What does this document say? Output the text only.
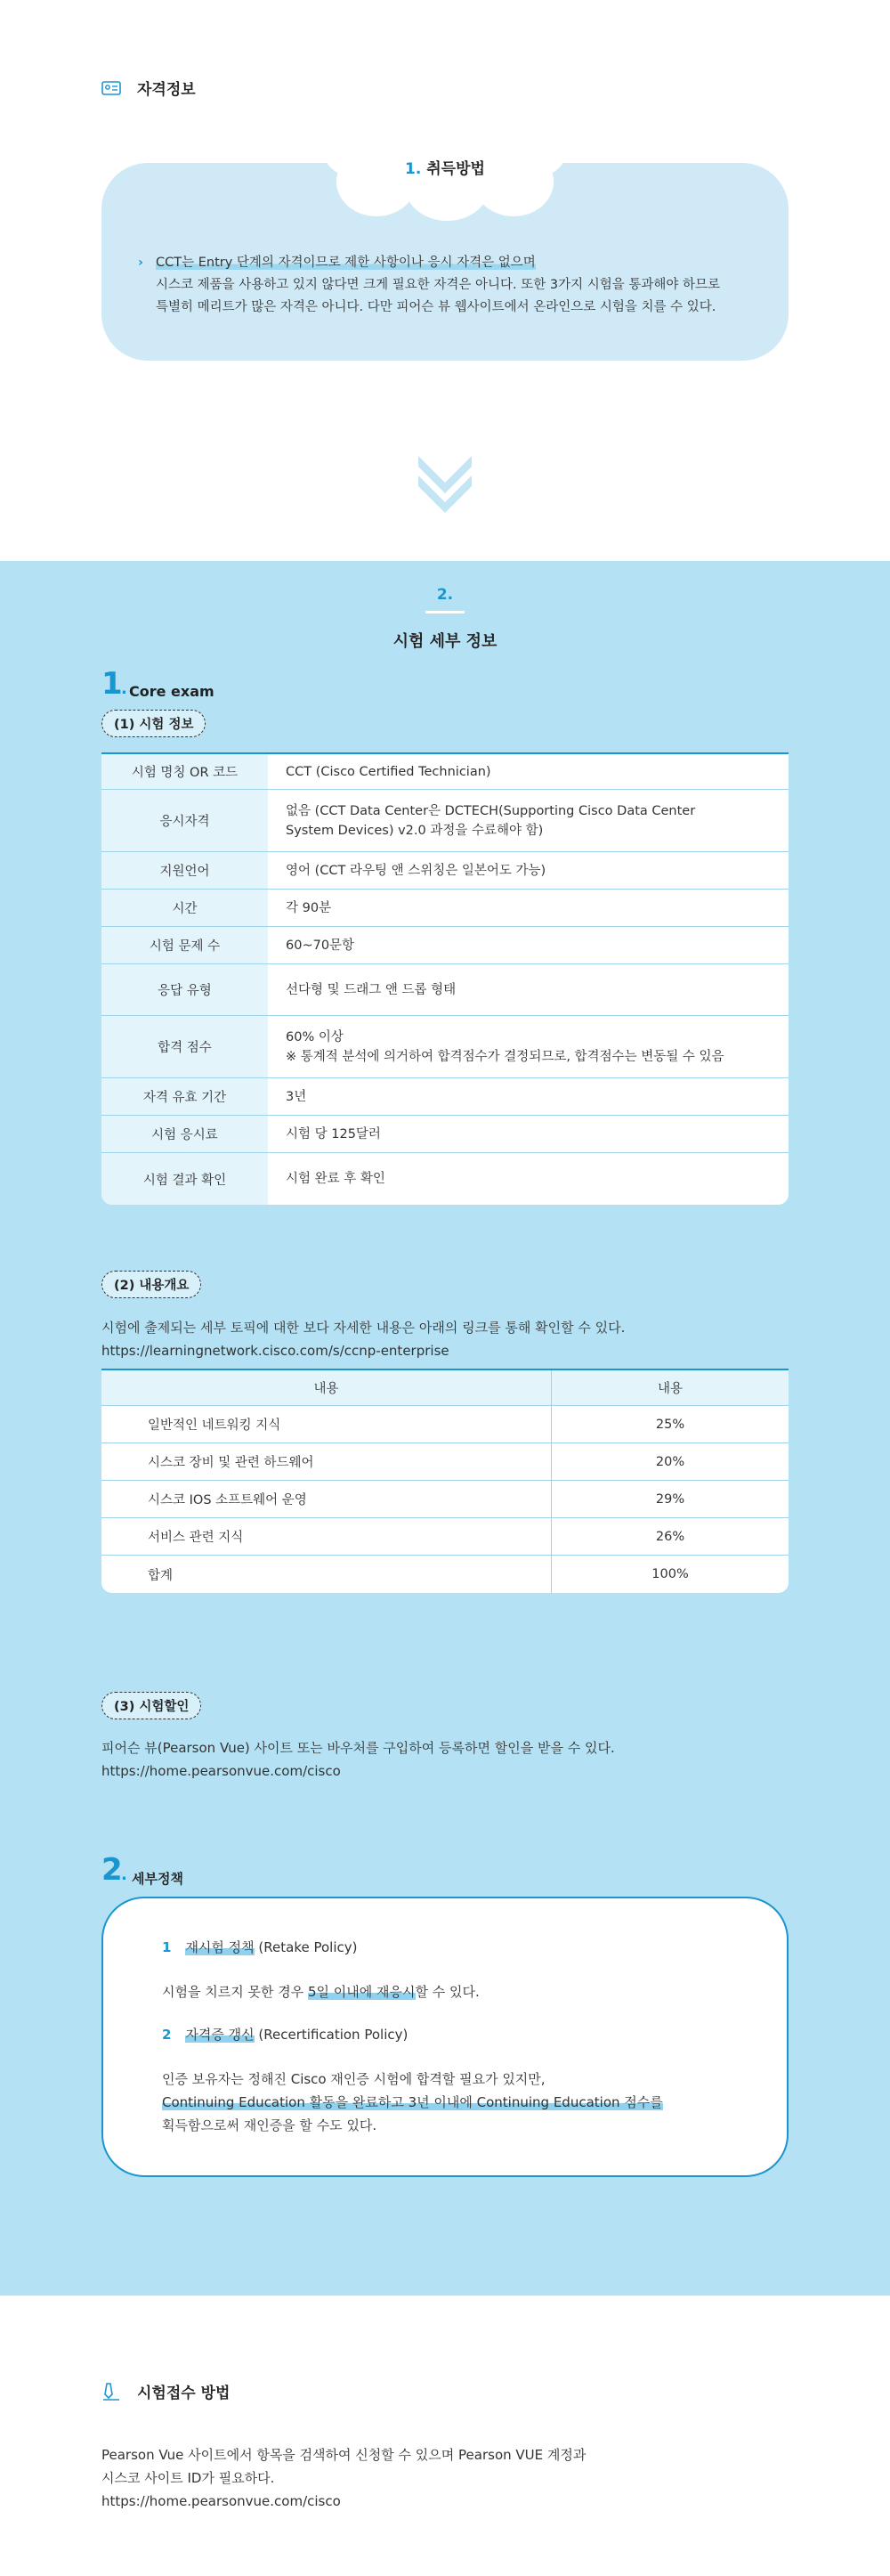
자격정보
1. 취득방법
› CCT는 Entry 단계의 자격이므로 제한 사항이나 응시 자격은 없으며
시스코 제품을 사용하고 있지 않다면 크게 필요한 자격은 아니다. 또한 3가지 시험을 통과해야 하므로
특별히 메리트가 많은 자격은 아니다. 다만 피어슨 뷰 웹사이트에서 온라인으로 시험을 치를 수 있다.
2.
시험 세부 정보
1
. Core exam
(1) 시험 정보
시험 명칭 OR 코드	CCT (Cisco Certified Technician)
응시자격
없음 (CCT Data Center은 DCTECH(Supporting Cisco Data Center
System Devices) v2.0 과정을 수료해야 함)
지원언어	영어 (CCT 라우팅 앤 스위칭은 일본어도 가능)
시간	각 90분
시험 문제 수	60~70문항
응답 유형	선다형 및 드래그 앤 드롭 형태
합격 점수
60% 이상
※ 통계적 분석에 의거하여 합격점수가 결정되므로, 합격점수는 변동될 수 있음
자격 유효 기간	3년
시험 응시료	시험 당 125달러
시험 결과 확인	시험 완료 후 확인
(2) 내용개요
시험에 출제되는 세부 토픽에 대한 보다 자세한 내용은 아래의 링크를 통해 확인할 수 있다.
https://learningnetwork.cisco.com/s/ccnp-enterprise
내용	내용
일반적인 네트워킹 지식	25%
시스코 장비 및 관련 하드웨어	20%
시스코 IOS 소프트웨어 운영	29%
서비스 관련 지식	26%
합계	100%
(3) 시험할인
피어슨 뷰(Pearson Vue) 사이트 또는 바우처를 구입하여 등록하면 할인을 받을 수 있다.
https://home.pearsonvue.com/cisco
2
. 세부정책
1 재시험 정책 (Retake Policy)
시험을 치르지 못한 경우 5일 이내에 재응시할 수 있다.
2 자격증 갱신 (Recertification Policy)
인증 보유자는 정해진 Cisco 재인증 시험에 합격할 필요가 있지만,
Continuing Education 활동을 완료하고 3년 이내에 Continuing Education 점수를
획득함으로써 재인증을 할 수도 있다.
시험접수 방법
Pearson Vue 사이트에서 항목을 검색하여 신청할 수 있으며 Pearson VUE 계정과
시스코 사이트 ID가 필요하다.
https://home.pearsonvue.com/cisco
